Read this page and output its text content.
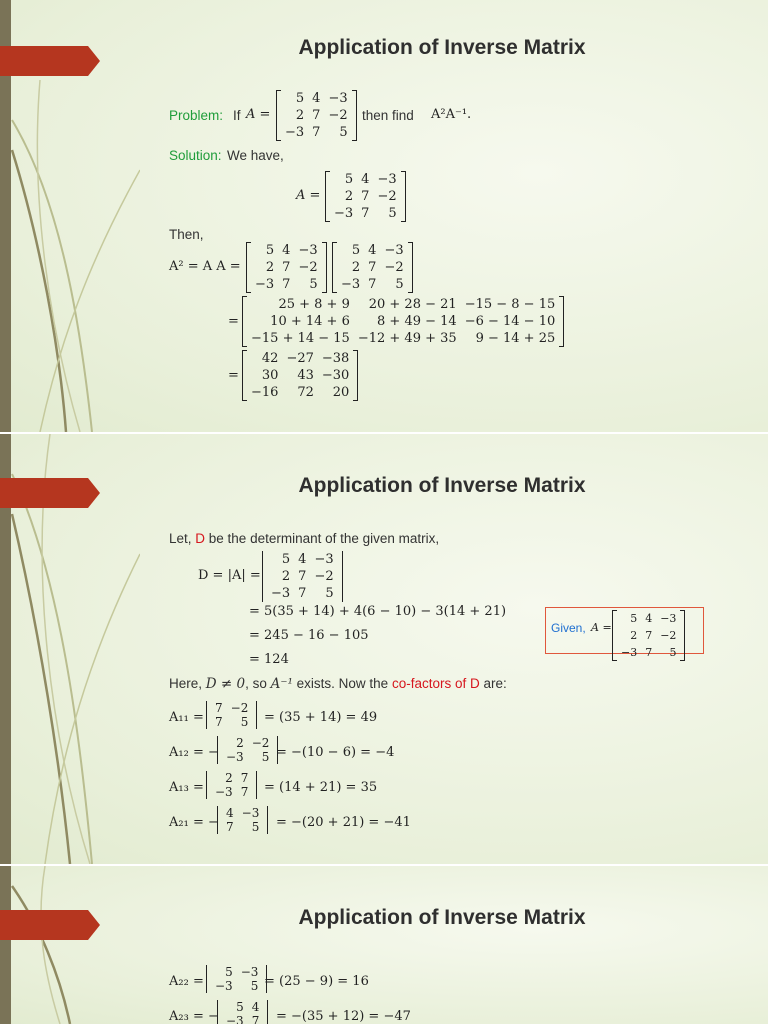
Application of Inverse Matrix
Problem: If A =
5	4	−3
2	7	−2
−3	7	5
then find A²A⁻¹.
Solution: We have,
A =
5	4	−3
2	7	−2
−3	7	5
Then,
A² = A A =
5	4	−3
2	7	−2
−3	7	5
5	4	−3
2	7	−2
−3	7	5
=
25 + 8 + 9	20 + 28 − 21	−15 − 8 − 15
10 + 14 + 6	8 + 49 − 14	−6 − 14 − 10
−15 + 14 − 15	−12 + 49 + 35	9 − 14 + 25
=
42	−27	−38
30	43	−30
−16	72	20
Application of Inverse Matrix
Let, D be the determinant of the given matrix,
D = |A| =
5	4	−3
2	7	−2
−3	7	5
= 5(35 + 14) + 4(6 − 10) − 3(14 + 21)
= 245 − 16 − 105
= 124
Given, A =
5	4	−3
2	7	−2
−3	7	5
Here, D ≠ 0, so A⁻¹ exists. Now the co-factors of D are:
A₁₁ =
7	−2
7	5 = (35 + 14) = 49
A₁₂ = −
2	−2
−3	5 = −(10 − 6) = −4
A₁₃ =
2	7
−3	7 = (14 + 21) = 35
A₂₁ = −
4	−3
7	5 = −(20 + 21) = −41
Application of Inverse Matrix
A₂₂ =
5	−3
−3	5 = (25 − 9) = 16
A₂₃ = −
5	4
−3	7 = −(35 + 12) = −47
